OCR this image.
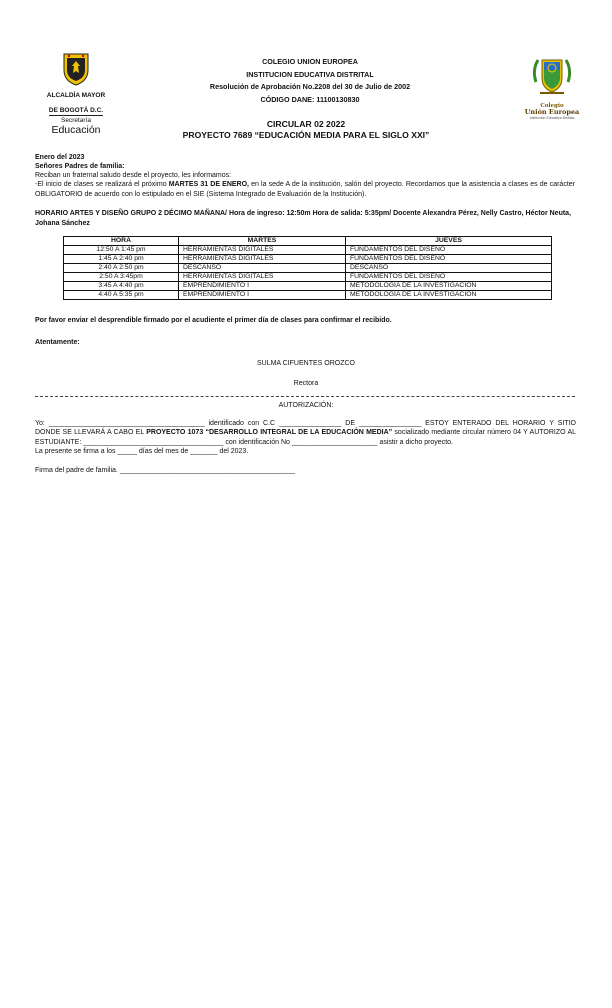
ALCALDÍA MAYOR
DE BOGOTÁ D.C.
Secretaría
Educación
Colegio
Unión Europea
Institución Educativa Distrital
COLEGIO UNION EUROPEA
INSTITUCION EDUCATIVA DISTRITAL
Resolución de Aprobación No.2208 del 30 de Julio de 2002
CÓDIGO DANE: 11100130830
CIRCULAR 02 2022
PROYECTO 7689 “EDUCACIÓN MEDIA PARA EL SIGLO XXI”
Enero del 2023
Señores Padres de familia:
Reciban un fraternal saludo desde el proyecto, les informamos:
-El inicio de clases se realizará el próximo MARTES 31 DE ENERO, en la sede A de la institución, salón del proyecto. Recordamos que la asistencia a clases es de carácter OBLIGATORIO de acuerdo con lo estipulado en el SIE (Sistema Integrado de Evaluación de la Institución).
HORARIO ARTES Y DISEÑO GRUPO 2 DÉCIMO MAÑANA/ Hora de ingreso: 12:50m Hora de salida: 5:35pm/ Docente Alexandra Pérez, Nelly Castro, Héctor Neuta, Johana Sánchez
HORA	MARTES	JUEVES
12:50 A 1:45 pm	HERRAMIENTAS DIGITALES	FUNDAMENTOS DEL DISEÑO
1:45 A 2:40 pm	HERRAMIENTAS DIGITALES	FUNDAMENTOS DEL DISEÑO
2:40 A 2:50 pm	DESCANSO	DESCANSO
2:50 A 3:45pm	HERRAMIENTAS DIGITALES	FUNDAMENTOS DEL DISEÑO
3:45 A 4:40 pm	EMPRENDIMIENTO I	METODOLOGÍA DE LA INVESTIGACIÓN
4:40 A 5:35 pm	EMPRENDIMIENTO I	METODOLOGÍA DE LA INVESTIGACIÓN
Por favor enviar el desprendible firmado por el acudiente el primer día de clases para confirmar el recibido.
Atentamente:
SULMA CIFUENTES OROZCO
Rectora
AUTORIZACIÓN:

Yo: ________________________________________ identificado con C.C ________________ DE ________________ ESTOY ENTERADO DEL HORARIO Y SITIO DONDE SE LLEVARÁ A CABO EL PROYECTO 1073 “DESARROLLO INTEGRAL DE LA EDUCACIÓN MEDIA” socializado mediante circular número 04 Y AUTORIZO AL ESTUDIANTE: ____________________________________ con identificación No ______________________ asistir a dicho proyecto.

La presente se firma a los _____ días del mes de _______ del 2023.

Firma del padre de familia. _____________________________________________
